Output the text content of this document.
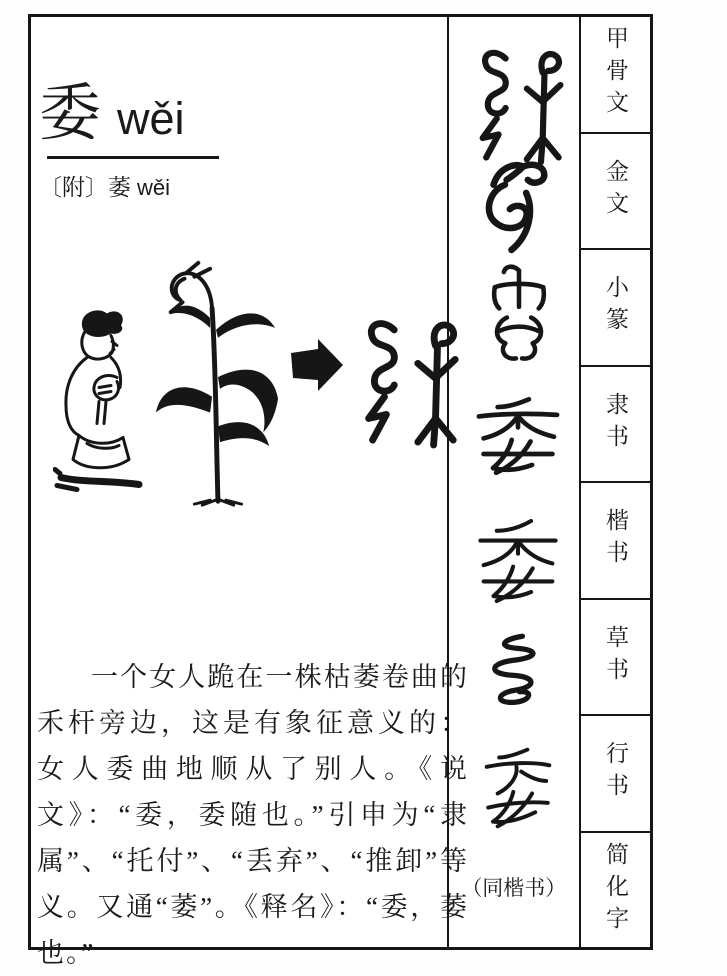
委 wěi
〔附〕萎 wěi

一个女人跪在一株枯萎卷曲的禾杆旁边，这是有象征意义的：女人委曲地顺从了别人。《说文》：“委，委随也。”引申为“隶属”、“托付”、“丢弃”、“推卸”等义。又通“萎”。《释名》：“委，萎也。”

（同楷书）
甲骨文
金文
小篆
隶书
楷书
草书
行书
简化字
